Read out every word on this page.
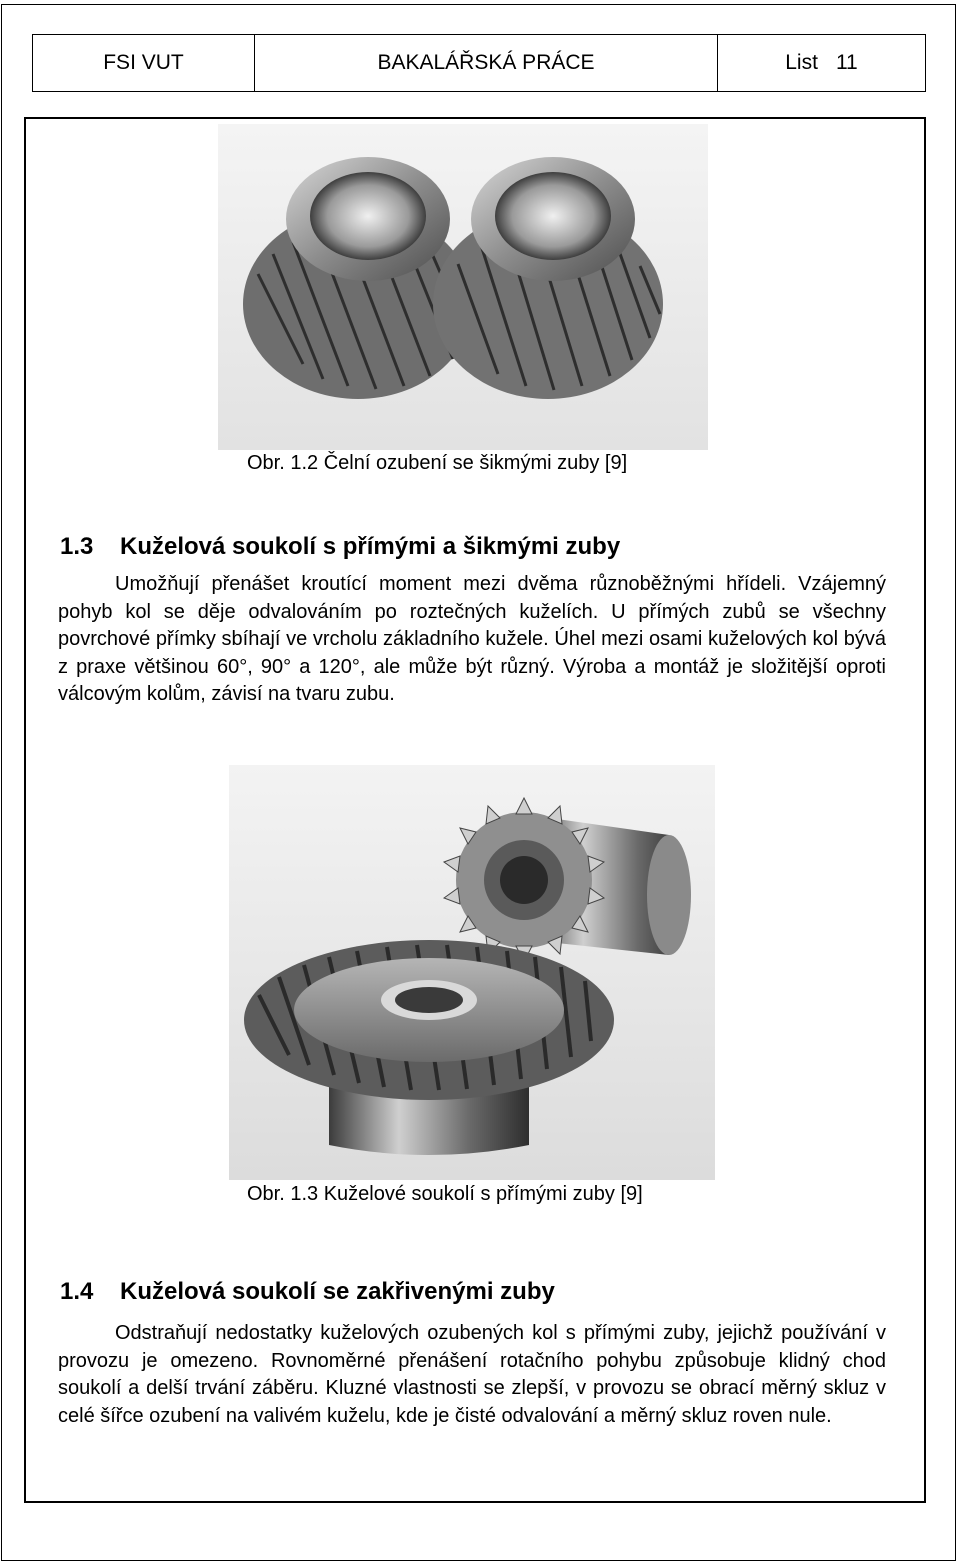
FSI VUT	BAKALÁŘSKÁ PRÁCE	List 11
Obr. 1.2 Čelní ozubení se šikmými zuby [9]
1.3 Kuželová soukolí s přímými a šikmými zuby

Umožňují přenášet kroutící moment mezi dvěma různoběžnými hřídeli. Vzájemný pohyb kol se děje odvalováním po roztečných kuželích. U přímých zubů se všechny povrchové přímky sbíhají ve vrcholu základního kužele. Úhel mezi osami kuželových kol bývá z praxe většinou 60°, 90° a 120°, ale může být různý. Výroba a montáž je složitější oproti válcovým kolům, závisí na tvaru zubu.

Obr. 1.3 Kuželové soukolí s přímými zuby [9]
1.4 Kuželová soukolí se zakřivenými zuby

Odstraňují nedostatky kuželových ozubených kol s přímými zuby, jejichž používání v provozu je omezeno. Rovnoměrné přenášení rotačního pohybu způsobuje klidný chod soukolí a delší trvání záběru. Kluzné vlastnosti se zlepší, v provozu se obrací měrný skluz v celé šířce ozubení na valivém kuželu, kde je čisté odvalování a měrný skluz roven nule.
